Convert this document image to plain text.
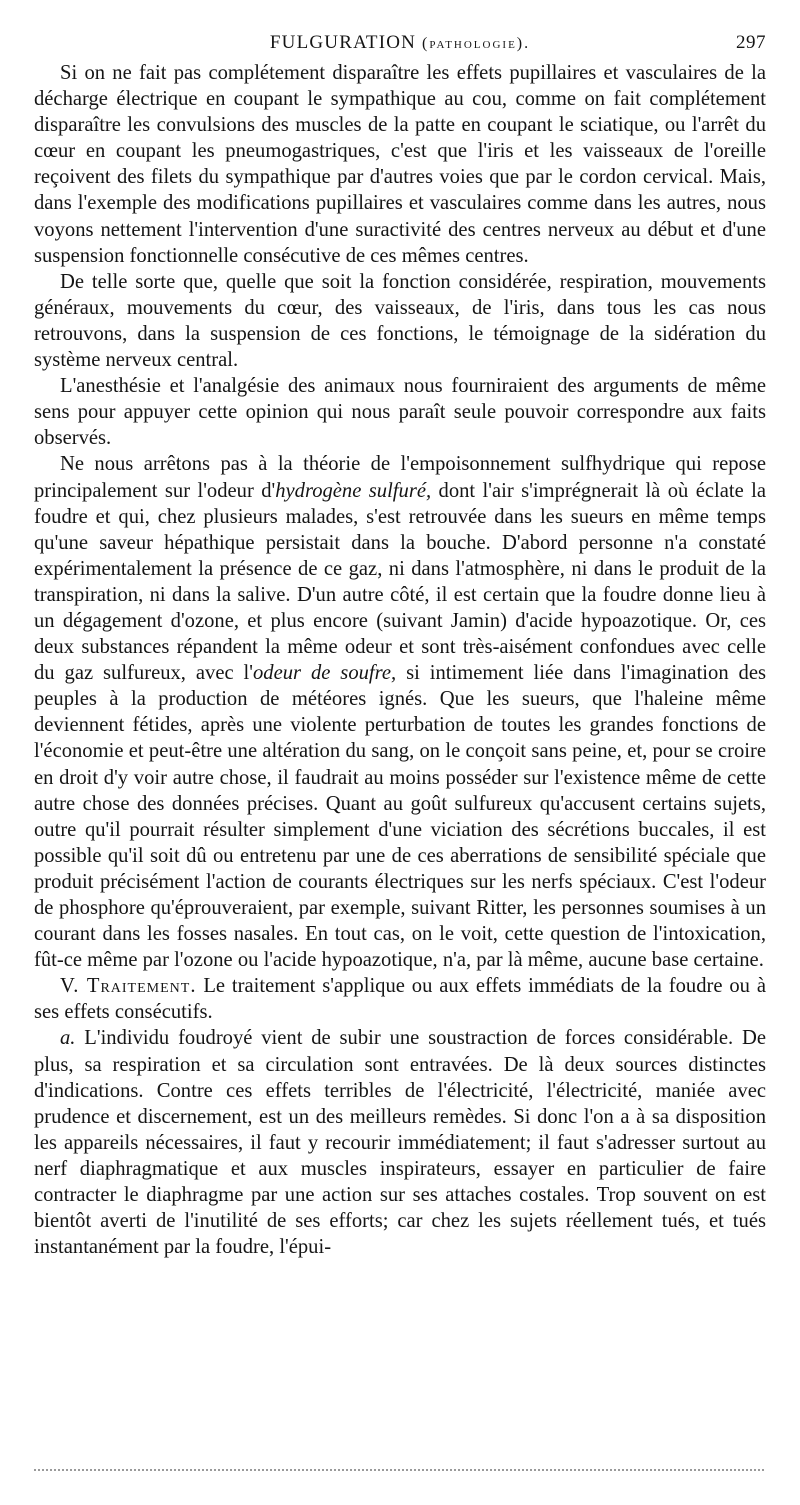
FULGURATION (pathologie).	297

Si on ne fait pas complétement disparaître les effets pupillaires et vasculaires de la décharge électrique en coupant le sympathique au cou, comme on fait complétement disparaître les convulsions des muscles de la patte en coupant le sciatique, ou l'arrêt du cœur en coupant les pneumogastriques, c'est que l'iris et les vaisseaux de l'oreille reçoivent des filets du sympathique par d'autres voies que par le cordon cervical. Mais, dans l'exemple des modifications pupillaires et vasculaires comme dans les autres, nous voyons nettement l'intervention d'une suractivité des centres nerveux au début et d'une suspension fonctionnelle consécutive de ces mêmes centres.

De telle sorte que, quelle que soit la fonction considérée, respiration, mouvements généraux, mouvements du cœur, des vaisseaux, de l'iris, dans tous les cas nous retrouvons, dans la suspension de ces fonctions, le témoignage de la sidération du système nerveux central.

L'anesthésie et l'analgésie des animaux nous fourniraient des arguments de même sens pour appuyer cette opinion qui nous paraît seule pouvoir correspondre aux faits observés.

Ne nous arrêtons pas à la théorie de l'empoisonnement sulfhydrique qui repose principalement sur l'odeur d'hydrogène sulfuré, dont l'air s'imprégnerait là où éclate la foudre et qui, chez plusieurs malades, s'est retrouvée dans les sueurs en même temps qu'une saveur hépathique persistait dans la bouche. D'abord personne n'a constaté expérimentalement la présence de ce gaz, ni dans l'atmosphère, ni dans le produit de la transpiration, ni dans la salive. D'un autre côté, il est certain que la foudre donne lieu à un dégagement d'ozone, et plus encore (suivant Jamin) d'acide hypoazotique. Or, ces deux substances répandent la même odeur et sont très-aisément confondues avec celle du gaz sulfureux, avec l'odeur de soufre, si intimement liée dans l'imagination des peuples à la production de météores ignés. Que les sueurs, que l'haleine même deviennent fétides, après une violente perturbation de toutes les grandes fonctions de l'économie et peut-être une altération du sang, on le conçoit sans peine, et, pour se croire en droit d'y voir autre chose, il faudrait au moins posséder sur l'existence même de cette autre chose des données précises. Quant au goût sulfureux qu'accusent certains sujets, outre qu'il pourrait résulter simplement d'une viciation des sécrétions buccales, il est possible qu'il soit dû ou entretenu par une de ces aberrations de sensibilité spéciale que produit précisément l'action de courants électriques sur les nerfs spéciaux. C'est l'odeur de phosphore qu'éprouveraient, par exemple, suivant Ritter, les personnes soumises à un courant dans les fosses nasales. En tout cas, on le voit, cette question de l'intoxication, fût-ce même par l'ozone ou l'acide hypoazotique, n'a, par là même, aucune base certaine.

V. Traitement. Le traitement s'applique ou aux effets immédiats de la foudre ou à ses effets consécutifs.

a. L'individu foudroyé vient de subir une soustraction de forces considérable. De plus, sa respiration et sa circulation sont entravées. De là deux sources distinctes d'indications. Contre ces effets terribles de l'électricité, l'électricité, maniée avec prudence et discernement, est un des meilleurs remèdes. Si donc l'on a à sa disposition les appareils nécessaires, il faut y recourir immédiatement; il faut s'adresser surtout au nerf diaphragmatique et aux muscles inspirateurs, essayer en particulier de faire contracter le diaphragme par une action sur ses attaches costales. Trop souvent on est bientôt averti de l'inutilité de ses efforts; car chez les sujets réellement tués, et tués instantanément par la foudre, l'épui-
